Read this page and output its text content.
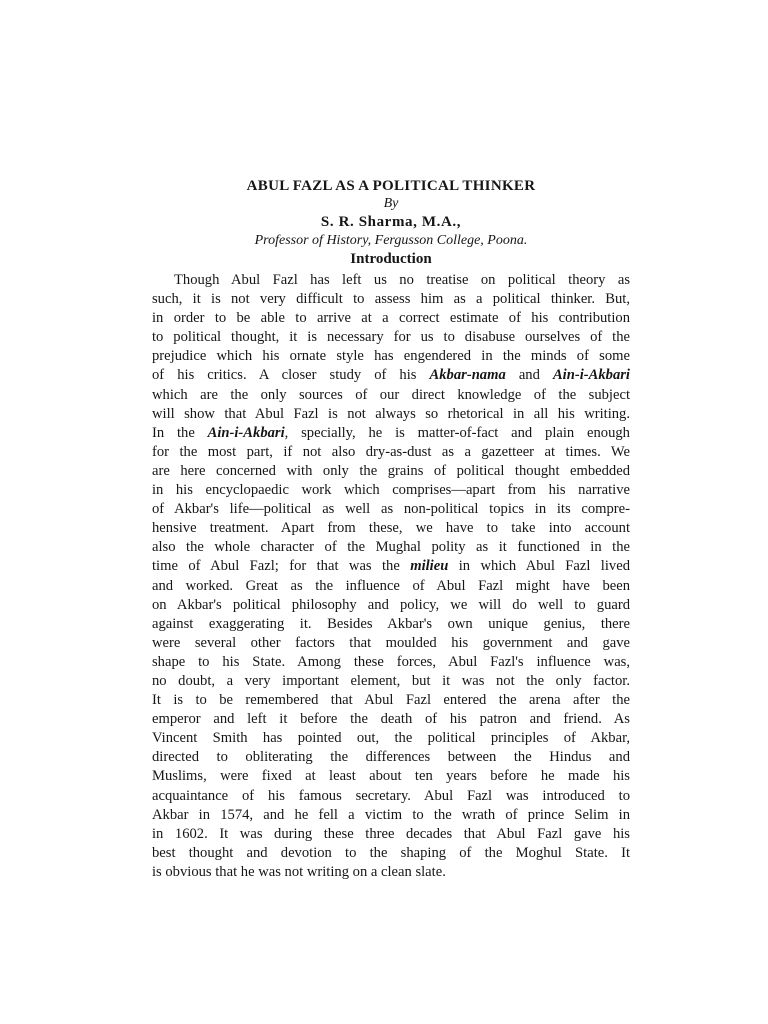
ABUL FAZL AS A POLITICAL THINKER

By

S. R. Sharma, M.A.,

Professor of History, Fergusson College, Poona.

Introduction

Though Abul Fazl has left us no treatise on political theory as
such, it is not very difficult to assess him as a political thinker. But,
in order to be able to arrive at a correct estimate of his contribution
to political thought, it is necessary for us to disabuse ourselves of the
prejudice which his ornate style has engendered in the minds of some
of his critics. A closer study of his Akbar-nama and Ain-i-Akbari
which are the only sources of our direct knowledge of the subject
will show that Abul Fazl is not always so rhetorical in all his writing.
In the Ain-i-Akbari, specially, he is matter-of-fact and plain enough
for the most part, if not also dry-as-dust as a gazetteer at times. We
are here concerned with only the grains of political thought embedded
in his encyclopaedic work which comprises—apart from his narrative
of Akbar's life—political as well as non-political topics in its compre-
hensive treatment. Apart from these, we have to take into account
also the whole character of the Mughal polity as it functioned in the
time of Abul Fazl; for that was the milieu in which Abul Fazl lived
and worked. Great as the influence of Abul Fazl might have been
on Akbar's political philosophy and policy, we will do well to guard
against exaggerating it. Besides Akbar's own unique genius, there
were several other factors that moulded his government and gave
shape to his State. Among these forces, Abul Fazl's influence was,
no doubt, a very important element, but it was not the only factor.
It is to be remembered that Abul Fazl entered the arena after the
emperor and left it before the death of his patron and friend. As
Vincent Smith has pointed out, the political principles of Akbar,
directed to obliterating the differences between the Hindus and
Muslims, were fixed at least about ten years before he made his
acquaintance of his famous secretary. Abul Fazl was introduced to
Akbar in 1574, and he fell a victim to the wrath of prince Selim in
in 1602. It was during these three decades that Abul Fazl gave his
best thought and devotion to the shaping of the Moghul State. It
is obvious that he was not writing on a clean slate.
